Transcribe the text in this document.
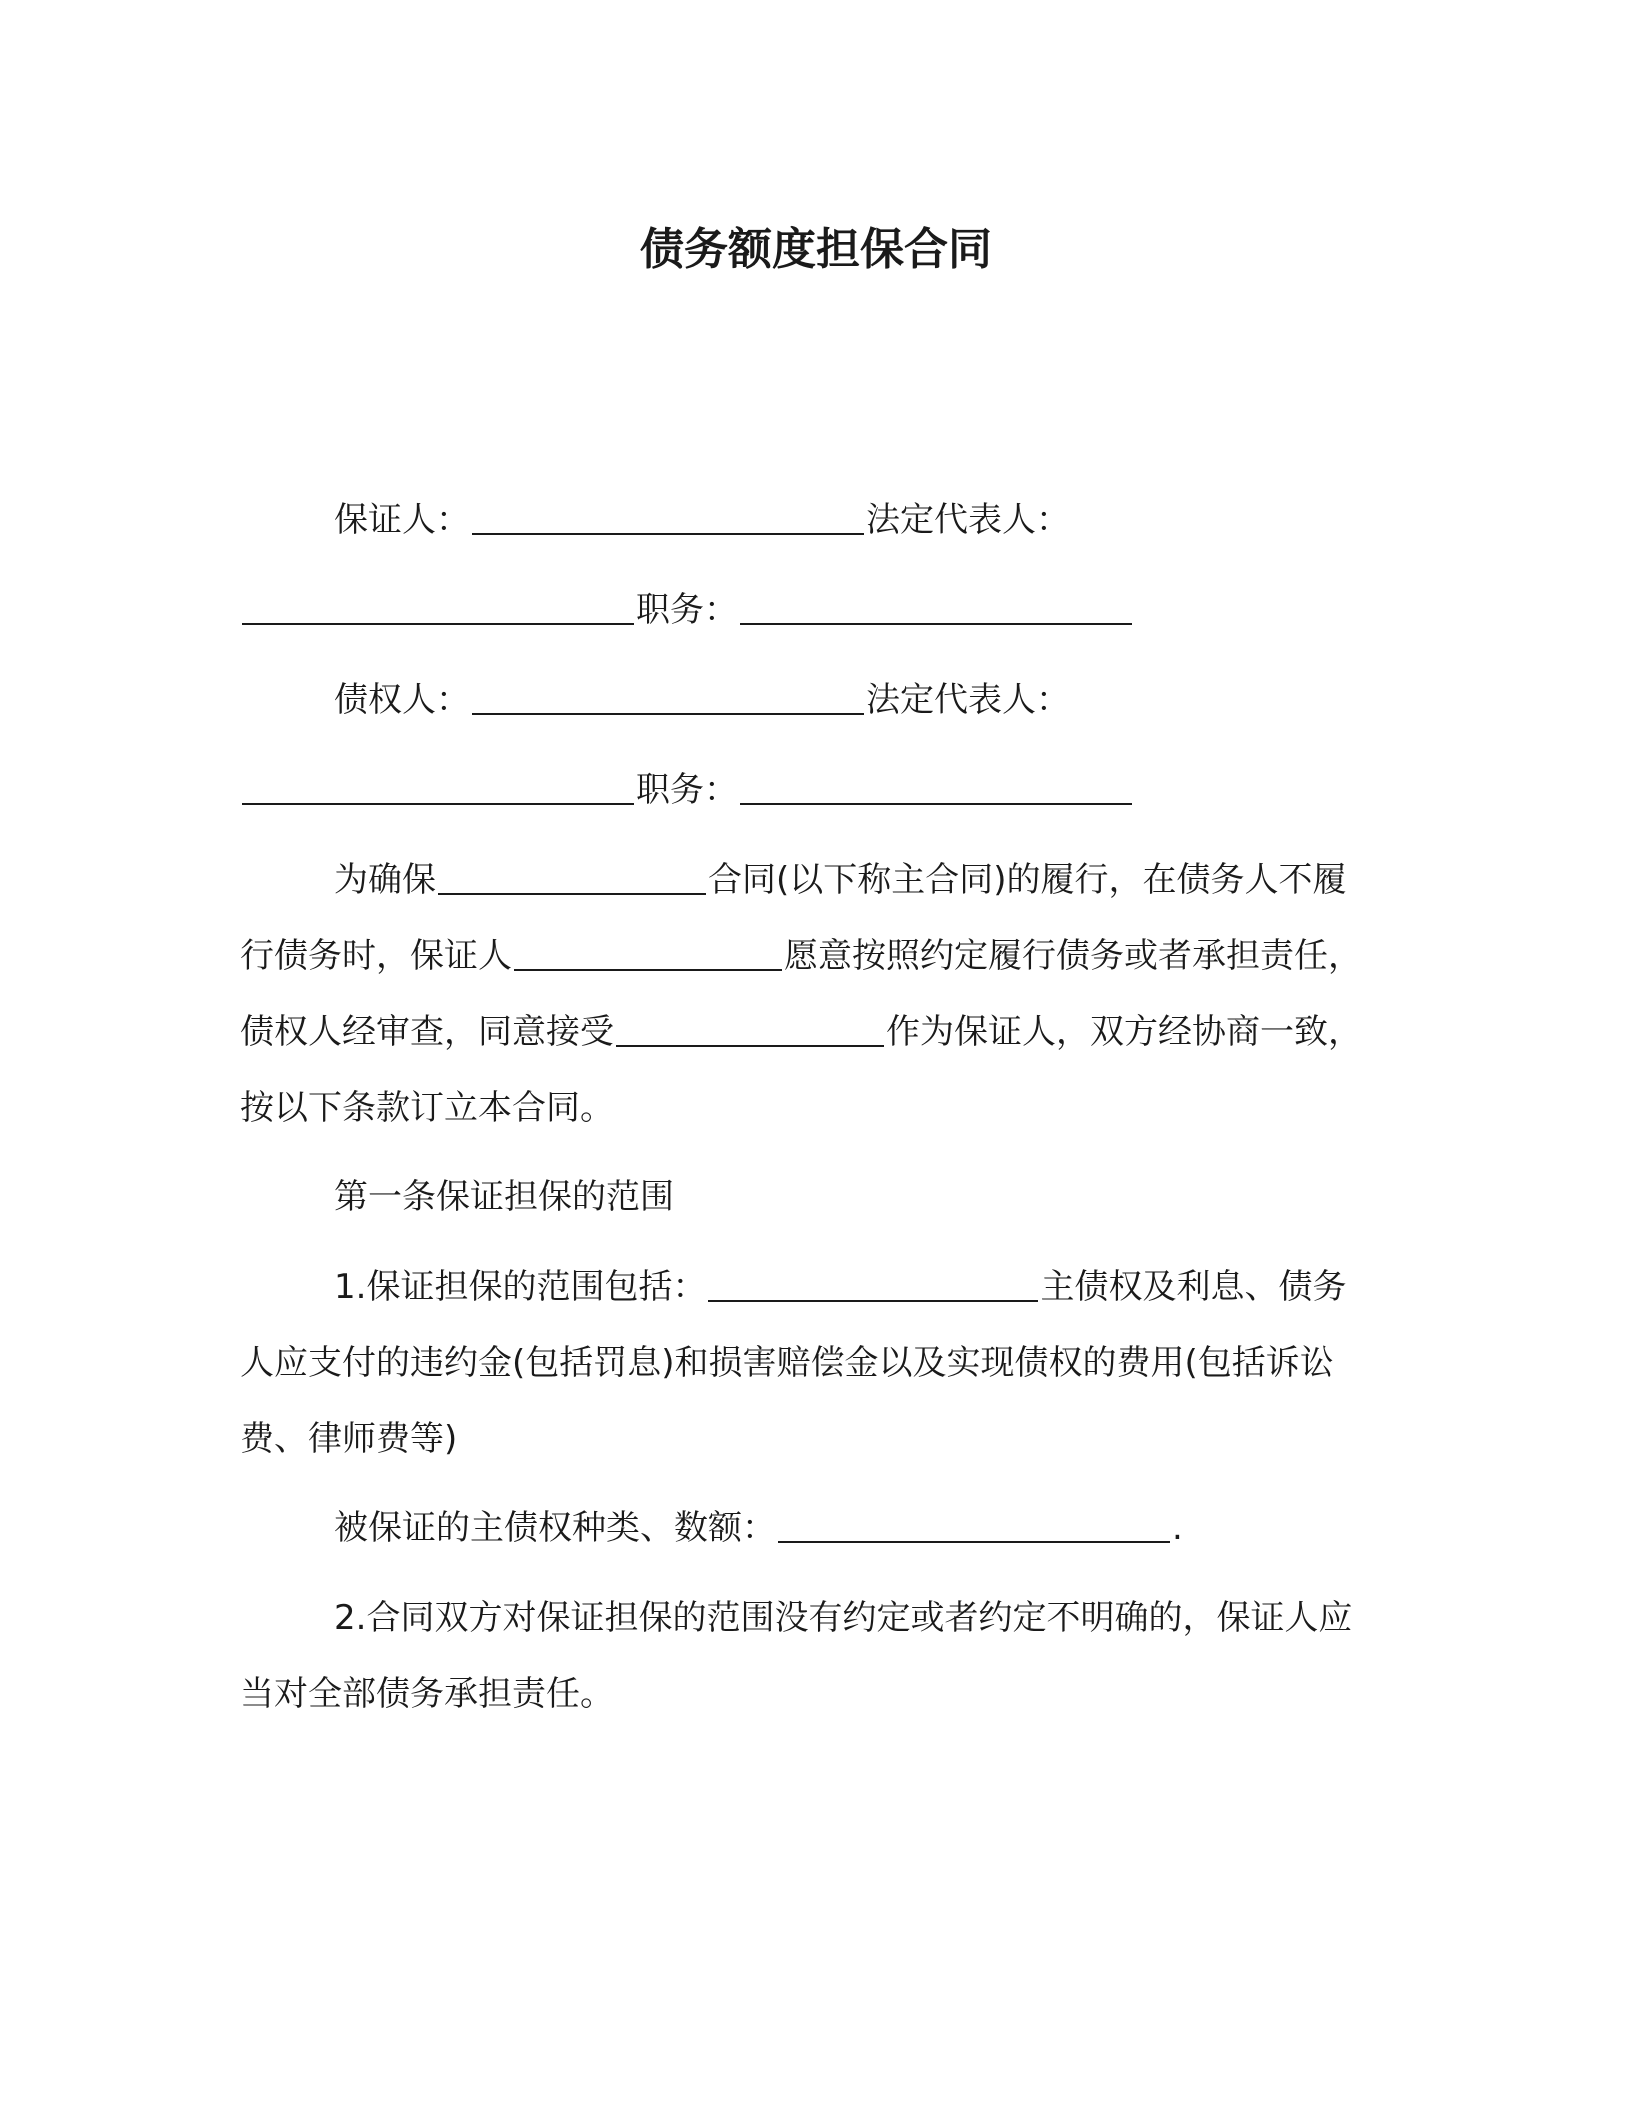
债务额度担保合同

保证人：	法定代表人：

职务：

债权人：	法定代表人：

职务：

为确保	合同(以下称主合同)的履行，在债务人不履行债务时，保证人	愿意按照约定履行债务或者承担责任，债权人经审查，同意接受	作为保证人，双方经协商一致，按以下条款订立本合同。

第一条保证担保的范围

1.保证担保的范围包括：	主债权及利息、债务人应支付的违约金(包括罚息)和损害赔偿金以及实现债权的费用(包括诉讼费、律师费等)

被保证的主债权种类、数额：	.

2.合同双方对保证担保的范围没有约定或者约定不明确的，保证人应当对全部债务承担责任。
